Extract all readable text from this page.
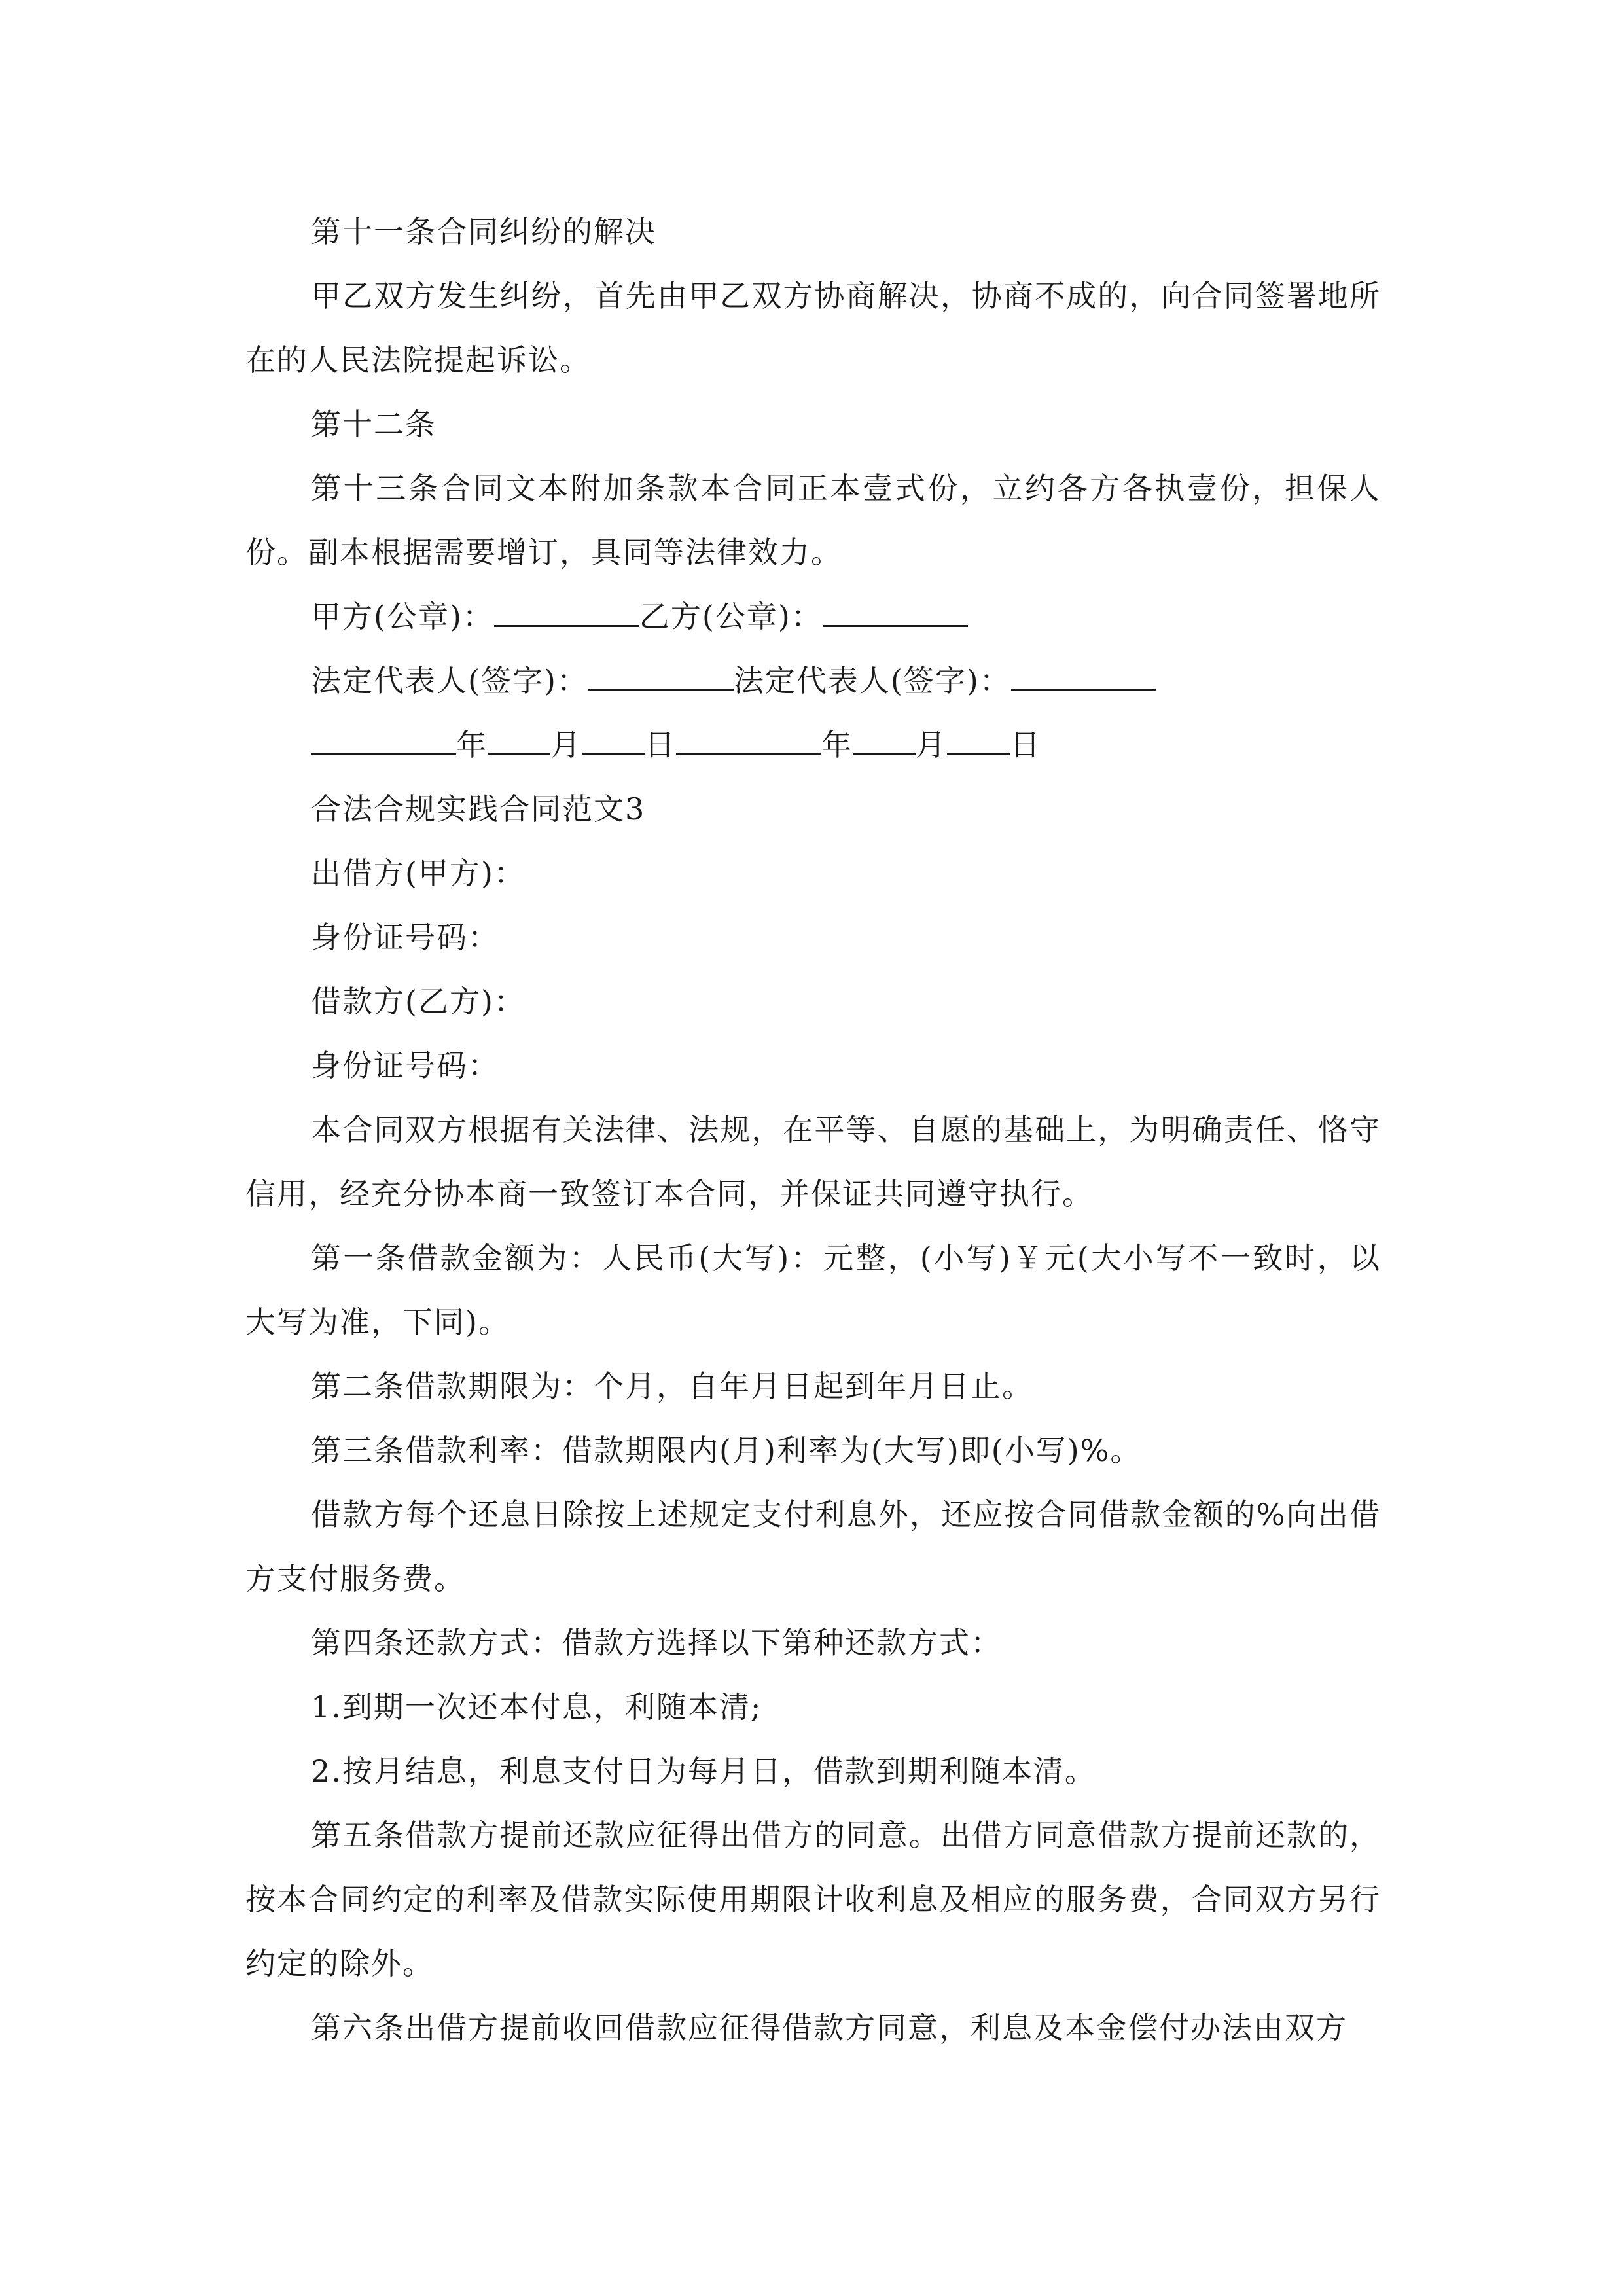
第十一条合同纠纷的解决

甲乙双方发生纠纷，首先由甲乙双方协商解决，协商不成的，向合同签署地所在的人民法院提起诉讼。

第十二条

第十三条合同文本附加条款本合同正本壹式份，立约各方各执壹份，担保人份。副本根据需要增订，具同等法律效力。

甲方(公章)：	乙方(公章)：

法定代表人(签字)：	法定代表人(签字)：

年 月 日	年 月 日

合法合规实践合同范文3

出借方(甲方)：

身份证号码：

借款方(乙方)：

身份证号码：

本合同双方根据有关法律、法规，在平等、自愿的基础上，为明确责任、恪守信用，经充分协本商一致签订本合同，并保证共同遵守执行。

第一条借款金额为：人民币(大写)：元整，(小写)￥元(大小写不一致时，以大写为准，下同)。

第二条借款期限为：个月，自年月日起到年月日止。

第三条借款利率：借款期限内(月)利率为(大写)即(小写)%。

借款方每个还息日除按上述规定支付利息外，还应按合同借款金额的%向出借方支付服务费。

第四条还款方式：借款方选择以下第种还款方式：

1.到期一次还本付息，利随本清;

2.按月结息，利息支付日为每月日，借款到期利随本清。

第五条借款方提前还款应征得出借方的同意。出借方同意借款方提前还款的，按本合同约定的利率及借款实际使用期限计收利息及相应的服务费，合同双方另行约定的除外。

第六条出借方提前收回借款应征得借款方同意，利息及本金偿付办法由双方
